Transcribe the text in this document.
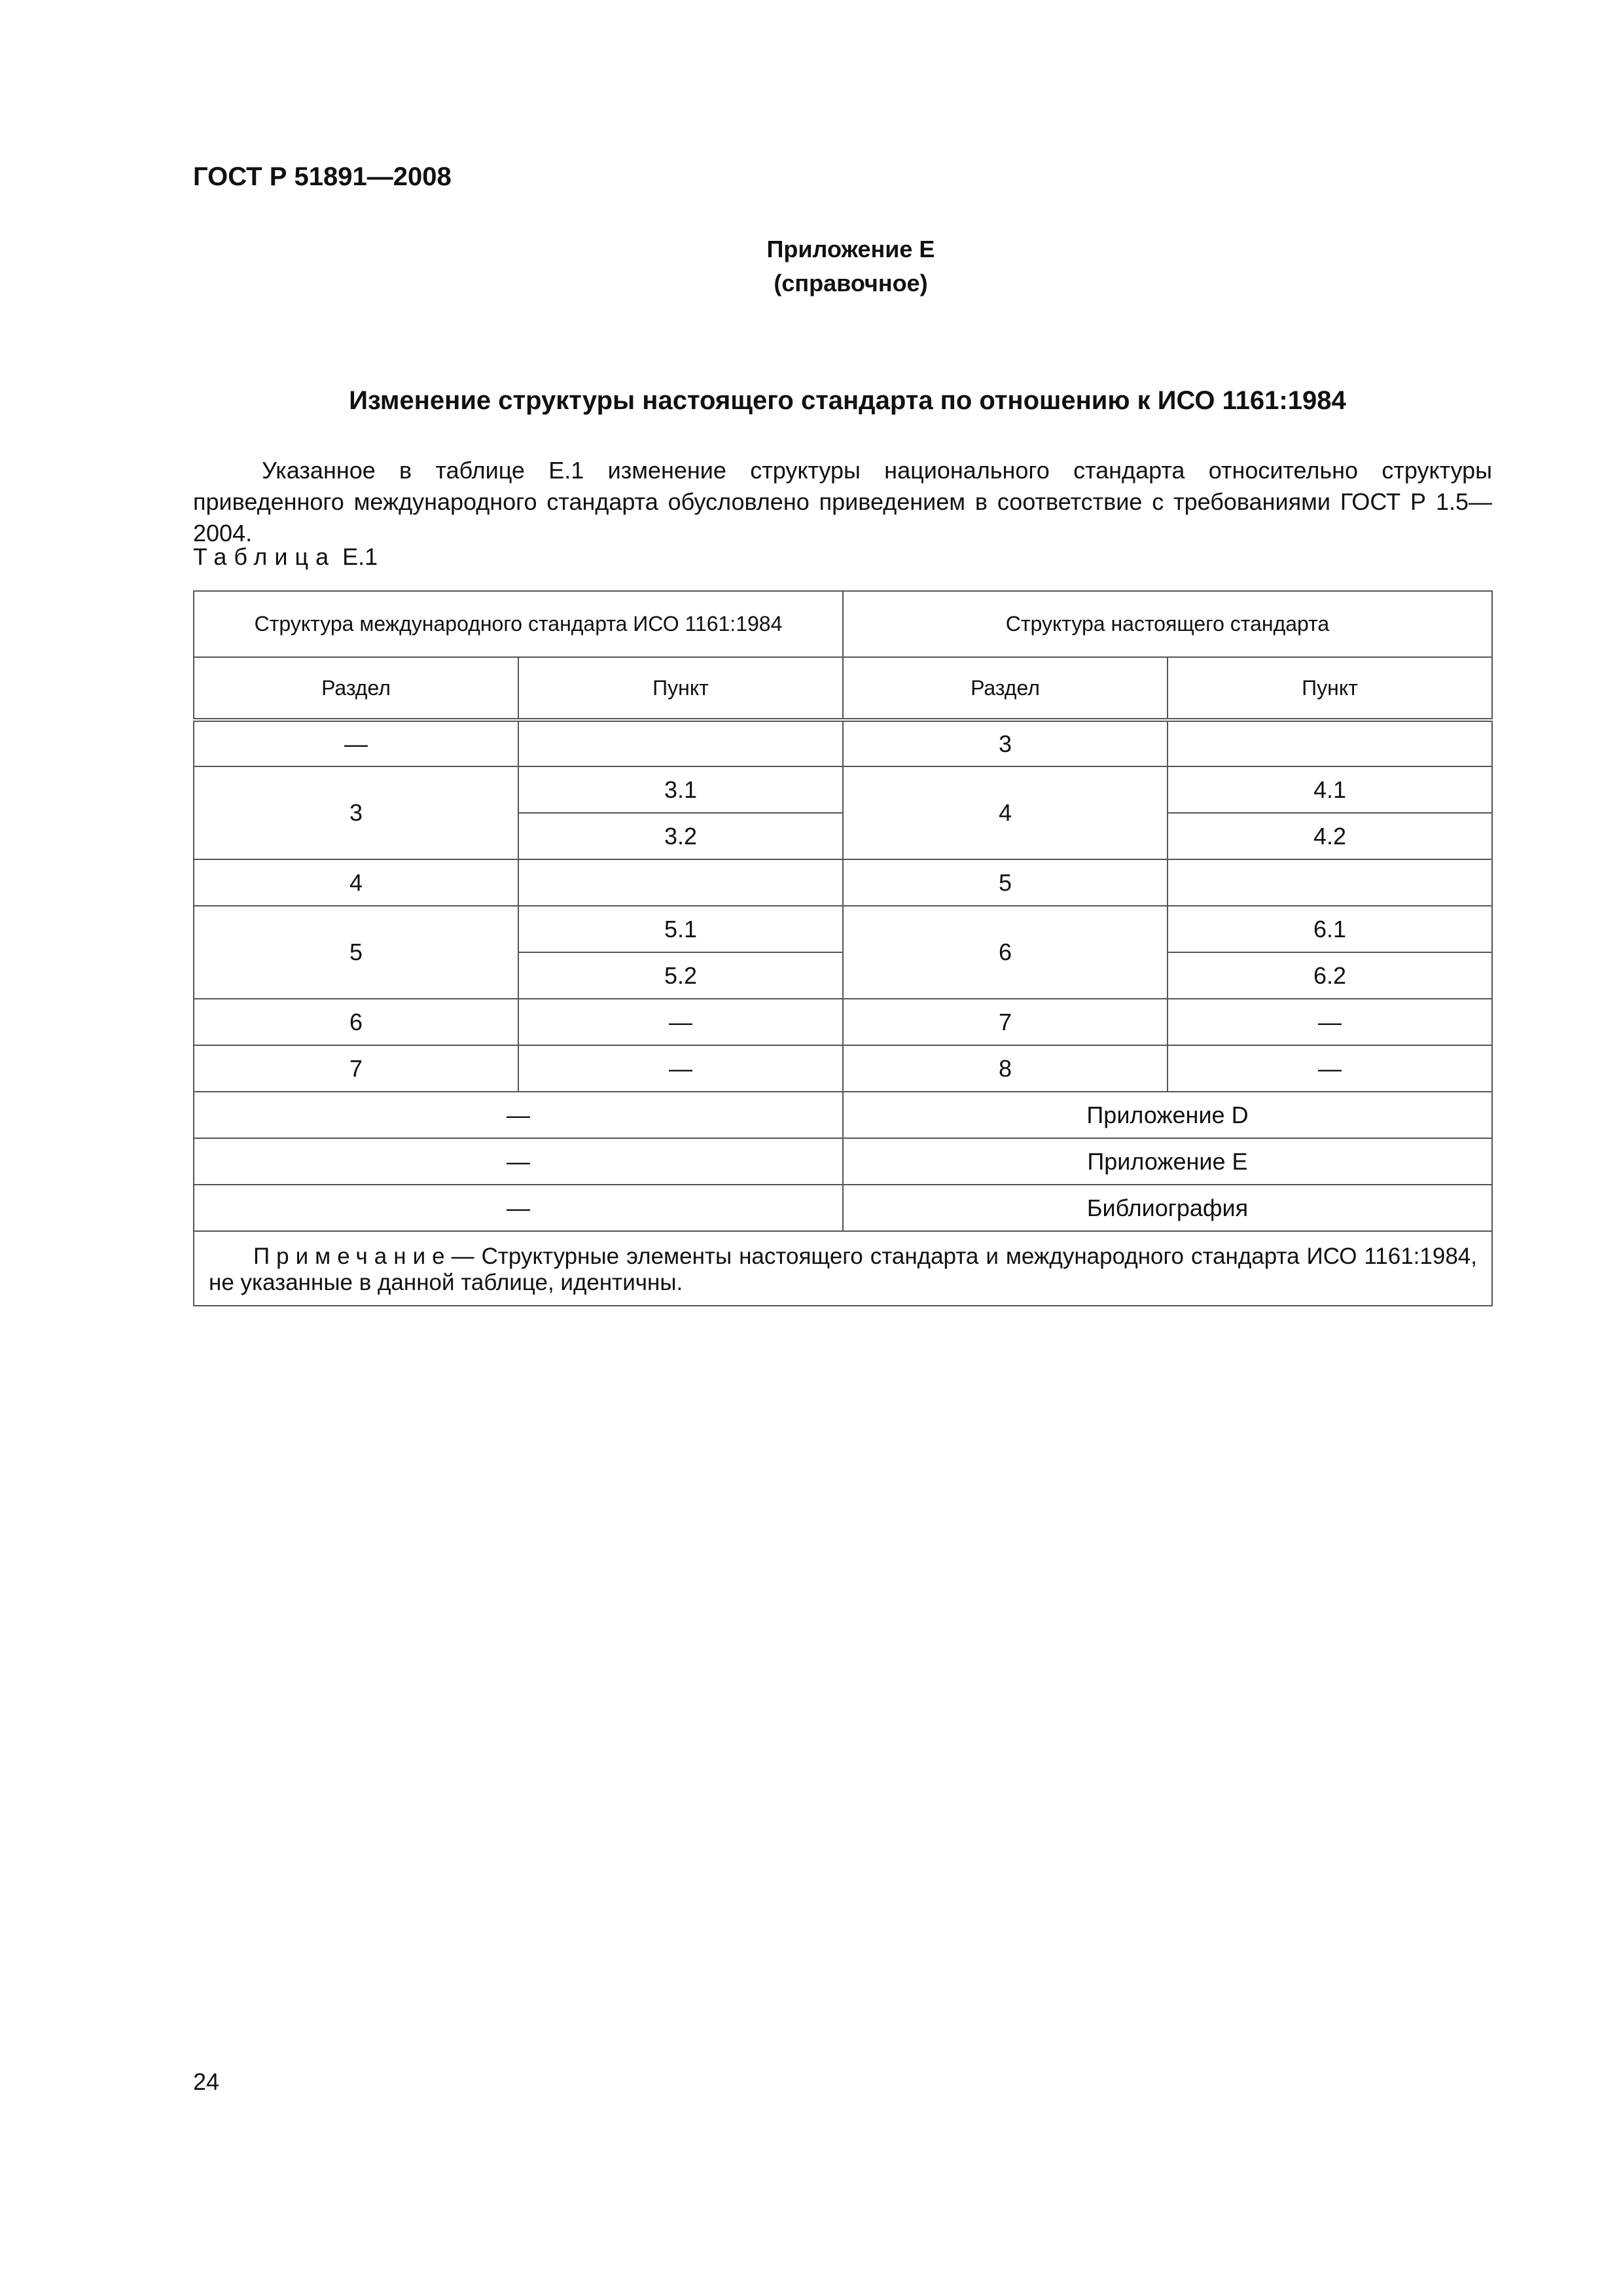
ГОСТ Р 51891—2008
Приложение Е
(справочное)
Изменение структуры настоящего стандарта по отношению к ИСО 1161:1984

Указанное в таблице Е.1 изменение структуры национального стандарта относительно структуры приведенного международного стандарта обусловлено приведением в соответствие с требованиями ГОСТ Р 1.5—2004.

Таблица Е.1
Структура международного стандарта ИСО 1161:1984		Структура настоящего стандарта	
Раздел	Пункт	Раздел	Пункт
—		3	
3	3.1	4	4.1
	3.2		4.2
4		5	
5	5.1	6	6.1
	5.2		6.2
6	—	7	—
7	—	8	—
—		Приложение D	
—		Приложение Е	
—		Библиография	
Примечание— Структурные элементы настоящего стандарта и международного стандарта ИСО 1161:1984, не указанные в данной таблице, идентичны.			
24
